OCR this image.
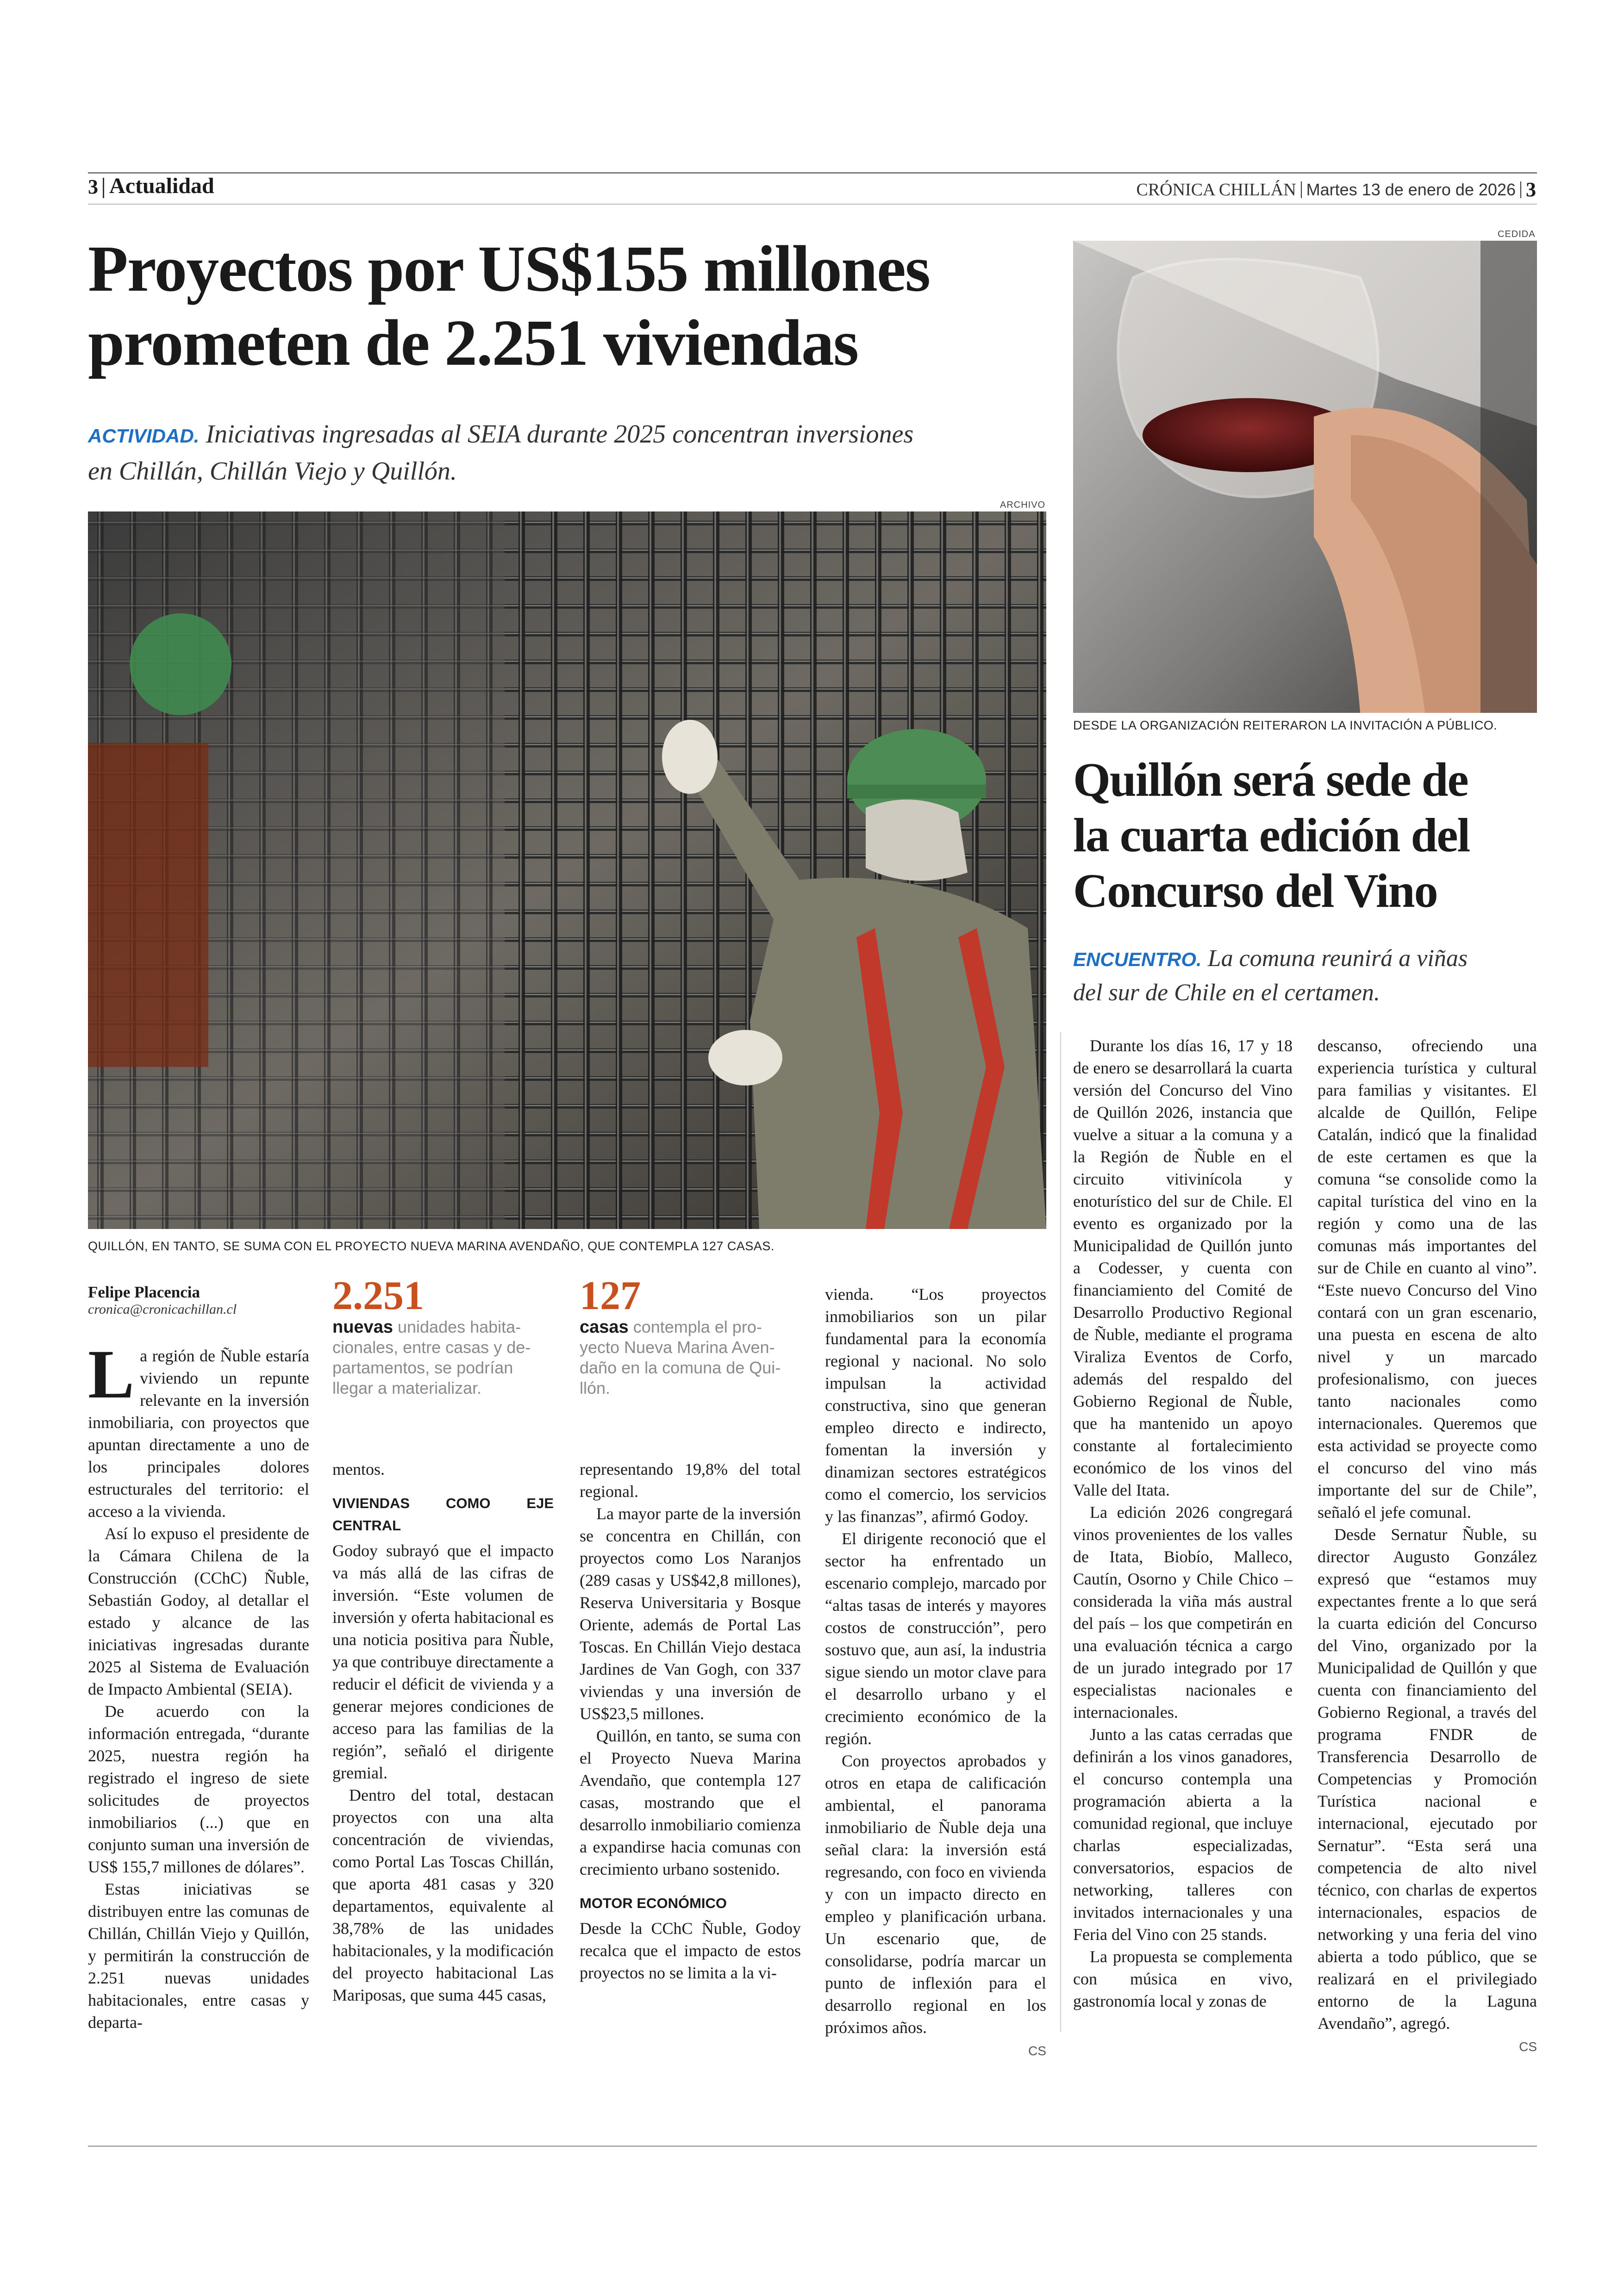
3 Actualidad	CRÓNICA CHILLÁN Martes 13 de enero de 2026 3
Proyectos por US$155 millones
prometen de 2.251 viviendas
ACTIVIDAD. Iniciativas ingresadas al SEIA durante 2025 concentran inversiones
en Chillán, Chillán Viejo y Quillón.
ARCHIVO
QUILLÓN, EN TANTO, SE SUMA CON EL PROYECTO NUEVA MARINA AVENDAÑO, QUE CONTEMPLA 127 CASAS.
Felipe Placencia
cronica@cronicachillan.cl	2.251
nuevas unidades habita-
cionales, entre casas y de-
partamentos, se podrían
llegar a materializar.
127
casas contempla el pro-
yecto Nueva Marina Aven-
daño en la comuna de Qui-
llón.

La región de Ñuble estaría viviendo un repunte relevante en la inversión inmobiliaria, con proyectos que apuntan directamente a uno de los principales dolores estructurales del territorio: el acceso a la vivienda.

Así lo expuso el presidente de la Cámara Chilena de la Construcción (CChC) Ñuble, Sebastián Godoy, al detallar el estado y alcance de las iniciativas ingresadas durante 2025 al Sistema de Evaluación de Impacto Ambiental (SEIA).

De acuerdo con la información entregada, “durante 2025, nuestra región ha registrado el ingreso de siete solicitudes de proyectos inmobiliarios (...) que en conjunto suman una inversión de US$ 155,7 millones de dólares”.

Estas iniciativas se distribuyen entre las comunas de Chillán, Chillán Viejo y Quillón, y permitirán la construcción de 2.251 nuevas unidades habitacionales, entre casas y departa-

mentos.

VIVIENDAS COMO EJE CENTRAL

Godoy subrayó que el impacto va más allá de las cifras de inversión. “Este volumen de inversión y oferta habitacional es una noticia positiva para Ñuble, ya que contribuye directamente a reducir el déficit de vivienda y a generar mejores condiciones de acceso para las familias de la región”, señaló el dirigente gremial.

Dentro del total, destacan proyectos con una alta concentración de viviendas, como Portal Las Toscas Chillán, que aporta 481 casas y 320 departamentos, equivalente al 38,78% de las unidades habitacionales, y la modificación del proyecto habitacional Las Mariposas, que suma 445 casas,

representando 19,8% del total regional.

La mayor parte de la inversión se concentra en Chillán, con proyectos como Los Naranjos (289 casas y US$42,8 millones), Reserva Universitaria y Bosque Oriente, además de Portal Las Toscas. En Chillán Viejo destaca Jardines de Van Gogh, con 337 viviendas y una inversión de US$23,5 millones.

Quillón, en tanto, se suma con el Proyecto Nueva Marina Avendaño, que contempla 127 casas, mostrando que el desarrollo inmobiliario comienza a expandirse hacia comunas con crecimiento urbano sostenido.

MOTOR ECONÓMICO

Desde la CChC Ñuble, Godoy recalca que el impacto de estos proyectos no se limita a la vi-

vienda. “Los proyectos inmobiliarios son un pilar fundamental para la economía regional y nacional. No solo impulsan la actividad constructiva, sino que generan empleo directo e indirecto, fomentan la inversión y dinamizan sectores estratégicos como el comercio, los servicios y las finanzas”, afirmó Godoy.

El dirigente reconoció que el sector ha enfrentado un escenario complejo, marcado por “altas tasas de interés y mayores costos de construcción”, pero sostuvo que, aun así, la industria sigue siendo un motor clave para el desarrollo urbano y el crecimiento económico de la región.

Con proyectos aprobados y otros en etapa de calificación ambiental, el panorama inmobiliario de Ñuble deja una señal clara: la inversión está regresando, con foco en vivienda y con un impacto directo en empleo y planificación urbana. Un escenario que, de consolidarse, podría marcar un punto de inflexión para el desarrollo regional en los próximos años.

CS

CEDIDA
DESDE LA ORGANIZACIÓN REITERARON LA INVITACIÓN A PÚBLICO.
Quillón será sede de
la cuarta edición del
Concurso del Vino
ENCUENTRO. La comuna reunirá a viñas
del sur de Chile en el certamen.

Durante los días 16, 17 y 18 de enero se desarrollará la cuarta versión del Concurso del Vino de Quillón 2026, instancia que vuelve a situar a la comuna y a la Región de Ñuble en el circuito vitivinícola y enoturístico del sur de Chile. El evento es organizado por la Municipalidad de Quillón junto a Codesser, y cuenta con financiamiento del Comité de Desarrollo Productivo Regional de Ñuble, mediante el programa Viraliza Eventos de Corfo, además del respaldo del Gobierno Regional de Ñuble, que ha mantenido un apoyo constante al fortalecimiento económico de los vinos del Valle del Itata.

La edición 2026 congregará vinos provenientes de los valles de Itata, Biobío, Malleco, Cautín, Osorno y Chile Chico – considerada la viña más austral del país – los que competirán en una evaluación técnica a cargo de un jurado integrado por 17 especialistas nacionales e internacionales.

Junto a las catas cerradas que definirán a los vinos ganadores, el concurso contempla una programación abierta a la comunidad regional, que incluye charlas especializadas, conversatorios, espacios de networking, talleres con invitados internacionales y una Feria del Vino con 25 stands.

La propuesta se complementa con música en vivo, gastronomía local y zonas de

descanso, ofreciendo una experiencia turística y cultural para familias y visitantes. El alcalde de Quillón, Felipe Catalán, indicó que la finalidad de este certamen es que la comuna “se consolide como la capital turística del vino en la región y como una de las comunas más importantes del sur de Chile en cuanto al vino”. “Este nuevo Concurso del Vino contará con un gran escenario, una puesta en escena de alto nivel y un marcado profesionalismo, con jueces tanto nacionales como internacionales. Queremos que esta actividad se proyecte como el concurso del vino más importante del sur de Chile”, señaló el jefe comunal.

Desde Sernatur Ñuble, su director Augusto González expresó que “estamos muy expectantes frente a lo que será la cuarta edición del Concurso del Vino, organizado por la Municipalidad de Quillón y que cuenta con financiamiento del Gobierno Regional, a través del programa FNDR de Transferencia Desarrollo de Competencias y Promoción Turística nacional e internacional, ejecutado por Sernatur”. “Esta será una competencia de alto nivel técnico, con charlas de expertos internacionales, espacios de networking y una feria del vino abierta a todo público, que se realizará en el privilegiado entorno de la Laguna Avendaño”, agregó.

CS
